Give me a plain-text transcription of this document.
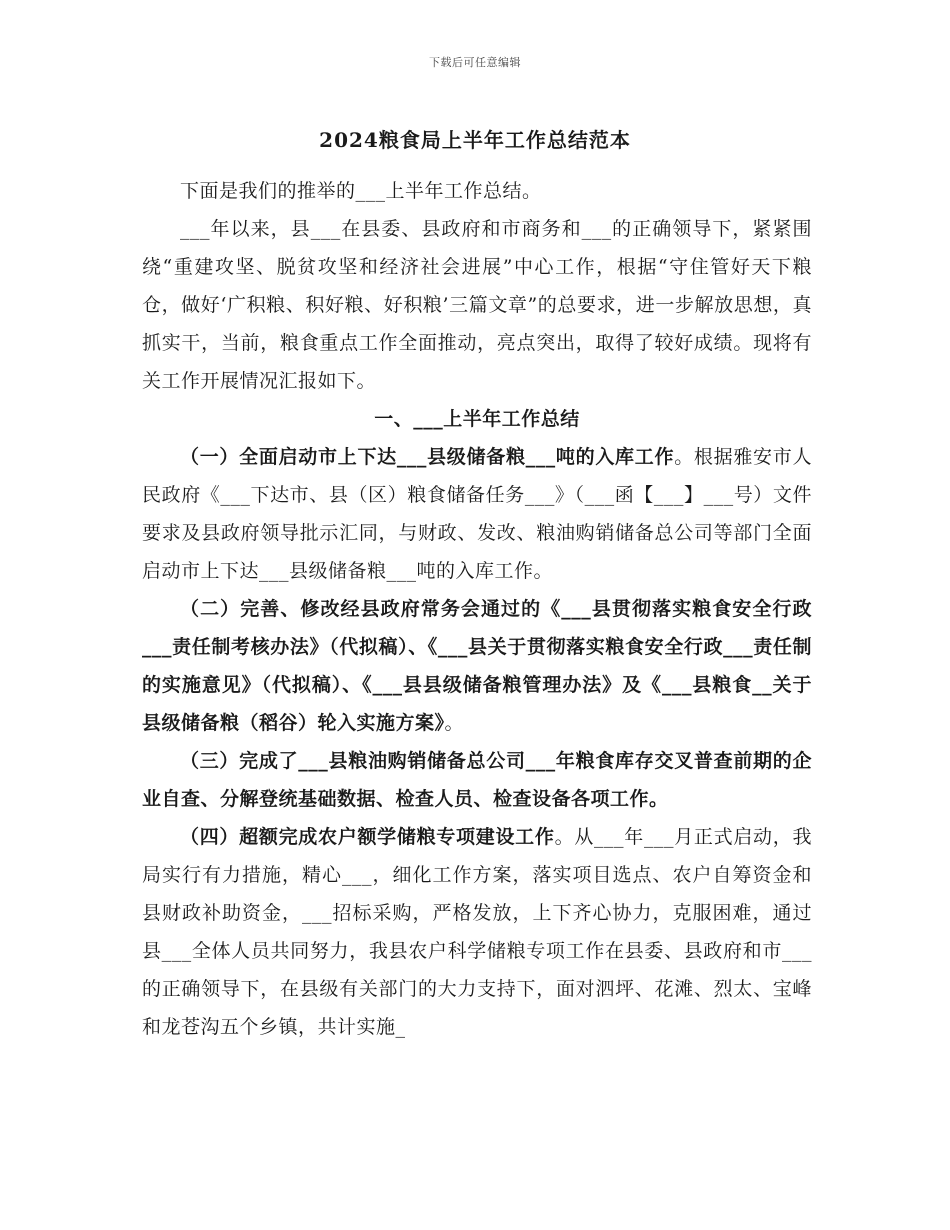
下载后可任意编辑
2024粮食局上半年工作总结范本

下面是我们的推举的___上半年工作总结。

___年以来，县___在县委、县政府和市商务和___的正确领导下，紧紧围绕“重建攻坚、脱贫攻坚和经济社会进展”中心工作，根据“守住管好天下粮仓，做好‘广积粮、积好粮、好积粮’三篇文章”的总要求，进一步解放思想，真抓实干，当前，粮食重点工作全面推动，亮点突出，取得了较好成绩。现将有关工作开展情况汇报如下。

一、___上半年工作总结

（一）全面启动市上下达___县级储备粮___吨的入库工作。根据雅安市人民政府《___下达市、县（区）粮食储备任务___》（___函【___】___号）文件要求及县政府领导批示汇同，与财政、发改、粮油购销储备总公司等部门全面启动市上下达___县级储备粮___吨的入库工作。

（二）完善、修改经县政府常务会通过的《___县贯彻落实粮食安全行政___责任制考核办法》（代拟稿）、《___县关于贯彻落实粮食安全行政___责任制的实施意见》（代拟稿）、《___县县级储备粮管理办法》及《___县粮食__关于县级储备粮（稻谷）轮入实施方案》。

（三）完成了___县粮油购销储备总公司___年粮食库存交叉普查前期的企业自查、分解登统基础数据、检查人员、检查设备各项工作。

（四）超额完成农户额学储粮专项建设工作。从___年___月正式启动，我局实行有力措施，精心___，细化工作方案，落实项目选点、农户自筹资金和县财政补助资金，___招标采购，严格发放，上下齐心协力，克服困难，通过县___全体人员共同努力，我县农户科学储粮专项工作在县委、县政府和市___的正确领导下，在县级有关部门的大力支持下，面对泗坪、花滩、烈太、宝峰和龙苍沟五个乡镇，共计实施_
